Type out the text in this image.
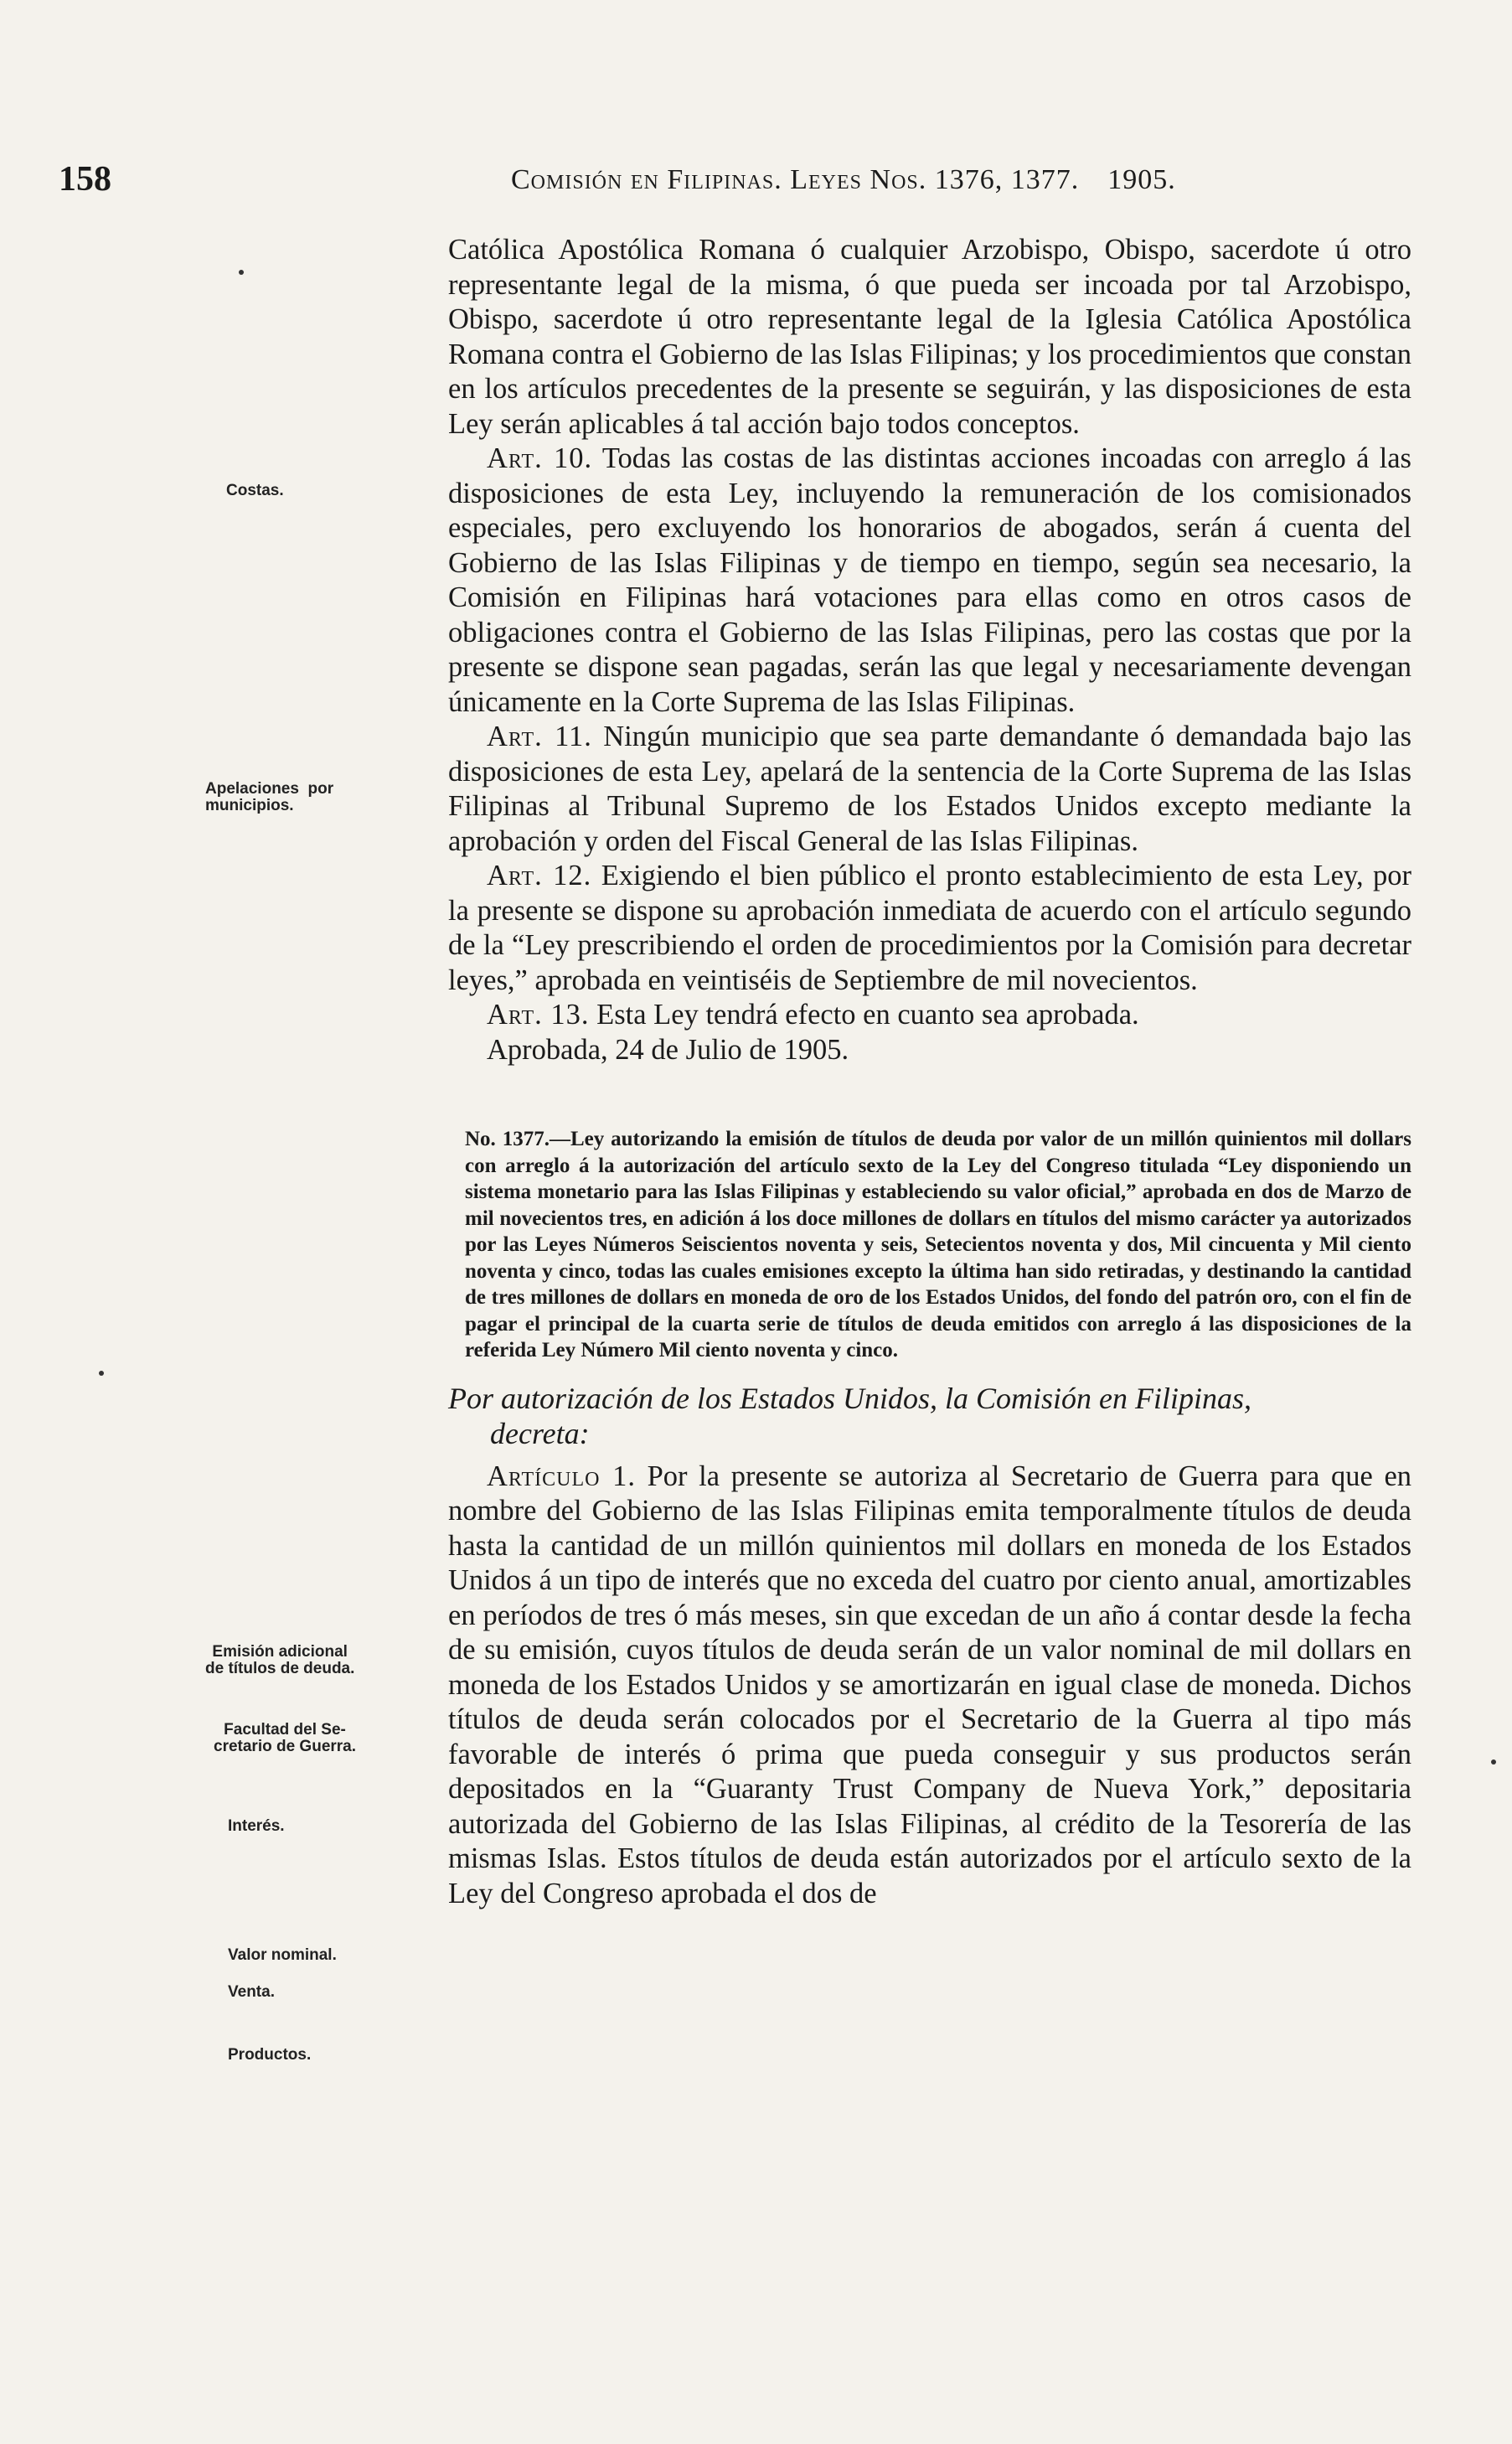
158	Comisión en Filipinas. Leyes Nos. 1376, 1377. 1905.
Costas.
Apelaciones  por
municipios.
Emisión adicional
de títulos de deuda.
Facultad del Se-
cretario de Guerra.
Interés.
Valor nominal.
Venta.
Productos.

Católica Apostólica Romana ó cualquier Arzobispo, Obispo, sacerdote ú otro representante legal de la misma, ó que pueda ser incoada por tal Arzobispo, Obispo, sacerdote ú otro representante legal de la Iglesia Católica Apostólica Romana contra el Gobierno de las Islas Filipinas; y los procedimientos que constan en los artículos precedentes de la presente se seguirán, y las disposiciones de esta Ley serán aplicables á tal acción bajo todos conceptos.

Art. 10. Todas las costas de las distintas acciones incoadas con arreglo á las disposiciones de esta Ley, incluyendo la remuneración de los comisionados especiales, pero excluyendo los honorarios de abogados, serán á cuenta del Gobierno de las Islas Filipinas y de tiempo en tiempo, según sea necesario, la Comisión en Filipinas hará votaciones para ellas como en otros casos de obligaciones contra el Gobierno de las Islas Filipinas, pero las costas que por la presente se dispone sean pagadas, serán las que legal y necesariamente devengan únicamente en la Corte Suprema de las Islas Filipinas.

Art. 11. Ningún municipio que sea parte demandante ó demandada bajo las disposiciones de esta Ley, apelará de la sentencia de la Corte Suprema de las Islas Filipinas al Tribunal Supremo de los Estados Unidos excepto mediante la aprobación y orden del Fiscal General de las Islas Filipinas.

Art. 12. Exigiendo el bien público el pronto establecimiento de esta Ley, por la presente se dispone su aprobación inmediata de acuerdo con el artículo segundo de la “Ley prescribiendo el orden de procedimientos por la Comisión para decretar leyes,” aprobada en veintiséis de Septiembre de mil novecientos.

Art. 13. Esta Ley tendrá efecto en cuanto sea aprobada.

Aprobada, 24 de Julio de 1905.

No. 1377.—Ley autorizando la emisión de títulos de deuda por valor de un millón quinientos mil dollars con arreglo á la autorización del artículo sexto de la Ley del Congreso titulada “Ley disponiendo un sistema monetario para las Islas Filipinas y estableciendo su valor oficial,” aprobada en dos de Marzo de mil novecientos tres, en adición á los doce millones de dollars en títulos del mismo carácter ya autorizados por las Leyes Números Seiscientos noventa y seis, Setecientos noventa y dos, Mil cincuenta y Mil ciento noventa y cinco, todas las cuales emisiones excepto la última han sido retiradas, y destinando la cantidad de tres millones de dollars en moneda de oro de los Estados Unidos, del fondo del patrón oro, con el fin de pagar el principal de la cuarta serie de títulos de deuda emitidos con arreglo á las disposiciones de la referida Ley Número Mil ciento noventa y cinco.

Por autorización de los Estados Unidos, la Comisión en Filipinas,
decreta:

Artículo 1. Por la presente se autoriza al Secretario de Guerra para que en nombre del Gobierno de las Islas Filipinas emita temporalmente títulos de deuda hasta la cantidad de un millón quinientos mil dollars en moneda de los Estados Unidos á un tipo de interés que no exceda del cuatro por ciento anual, amortizables en períodos de tres ó más meses, sin que excedan de un año á contar desde la fecha de su emisión, cuyos títulos de deuda serán de un valor nominal de mil dollars en moneda de los Estados Unidos y se amortizarán en igual clase de moneda. Dichos títulos de deuda serán colocados por el Secretario de la Guerra al tipo más favorable de interés ó prima que pueda conseguir y sus productos serán depositados en la “Guaranty Trust Company de Nueva York,” depositaria autorizada del Gobierno de las Islas Filipinas, al crédito de la Tesorería de las mismas Islas. Estos títulos de deuda están autorizados por el artículo sexto de la Ley del Congreso aprobada el dos de
